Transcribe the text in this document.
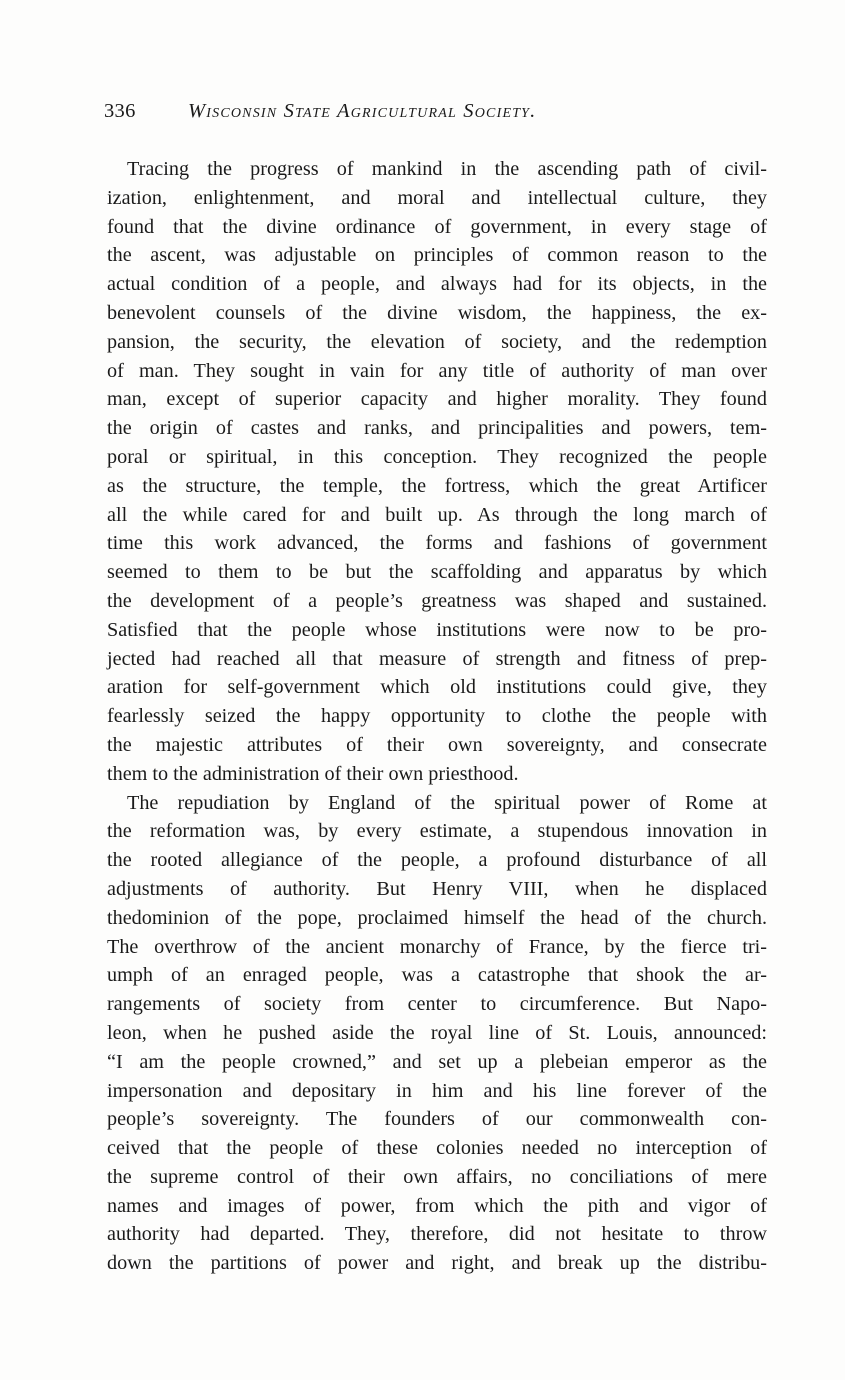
336	Wisconsin State Agricultural Society.
Tracing the progress of mankind in the ascending path of civil-
ization, enlightenment, and moral and intellectual culture, they
found that the divine ordinance of government, in every stage of
the ascent, was adjustable on principles of common reason to the
actual condition of a people, and always had for its objects, in the
benevolent counsels of the divine wisdom, the happiness, the ex-
pansion, the security, the elevation of society, and the redemption
of man. They sought in vain for any title of authority of man over
man, except of superior capacity and higher morality. They found
the origin of castes and ranks, and principalities and powers, tem-
poral or spiritual, in this conception. They recognized the people
as the structure, the temple, the fortress, which the great Artificer
all the while cared for and built up. As through the long march of
time this work advanced, the forms and fashions of government
seemed to them to be but the scaffolding and apparatus by which
the development of a people’s greatness was shaped and sustained.
Satisfied that the people whose institutions were now to be pro-
jected had reached all that measure of strength and fitness of prep-
aration for self-government which old institutions could give, they
fearlessly seized the happy opportunity to clothe the people with
the majestic attributes of their own sovereignty, and consecrate
them to the administration of their own priesthood.
The repudiation by England of the spiritual power of Rome at
the reformation was, by every estimate, a stupendous innovation in
the rooted allegiance of the people, a profound disturbance of all
adjustments of authority. But Henry VIII, when he displaced
thedominion of the pope, proclaimed himself the head of the church.
The overthrow of the ancient monarchy of France, by the fierce tri-
umph of an enraged people, was a catastrophe that shook the ar-
rangements of society from center to circumference. But Napo-
leon, when he pushed aside the royal line of St. Louis, announced:
“I am the people crowned,” and set up a plebeian emperor as the
impersonation and depositary in him and his line forever of the
people’s sovereignty. The founders of our commonwealth con-
ceived that the people of these colonies needed no interception of
the supreme control of their own affairs, no conciliations of mere
names and images of power, from which the pith and vigor of
authority had departed. They, therefore, did not hesitate to throw
down the partitions of power and right, and break up the distribu-
